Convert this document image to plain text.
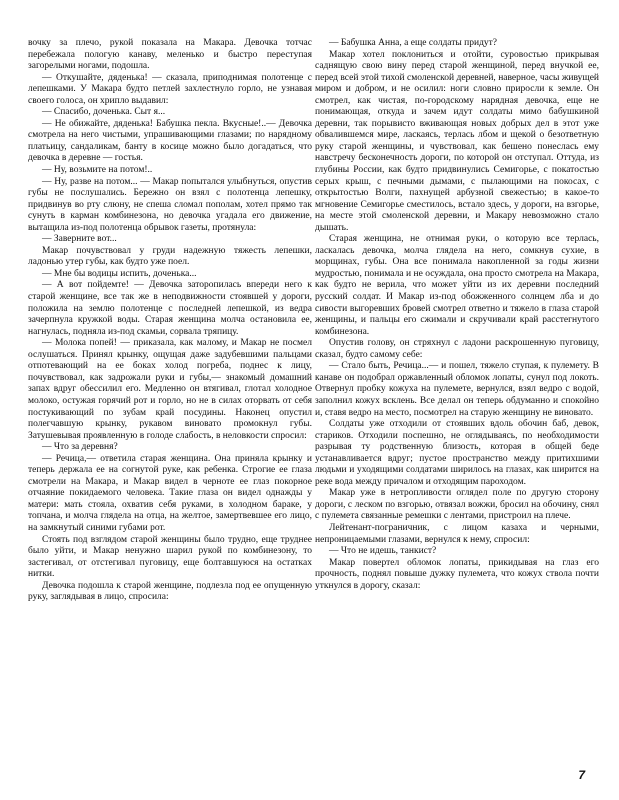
вочку за плечо, рукой показала на Макара. Девочка тотчас перебежала пологую канаву, меленько и быстро переступая загорелыми ногами, подошла.

— Откушайте, дяденька! — сказала, приподнимая полотенце с лепешками. У Макара будто петлей захлестнуло горло, не узнавая своего голоса, он хрипло выдавил:

— Спасибо, доченька. Сыт я...

— Не обижайте, дяденька! Бабушка пекла. Вкусные!..— Девочка смотрела на него чистыми, упрашивающими глазами; по нарядному платьицу, сандаликам, банту в косице можно было догадаться, что девочка в деревне — гостья.

— Ну, возьмите на потом!..

— Ну, разве на потом... — Макар попытался улыбнуться, опустив губы не послушались. Бережно он взял с полотенца лепешку, придвинув во рту слюну, не спеша сломал пополам, хотел прямо так сунуть в карман комбинезона, но девочка угадала его движение, вытащила из-под полотенца обрывок газеты, протянула:

— Заверните вот...

Макар почувствовал у груди надежную тяжесть лепешки, ладонью утер губы, как будто уже поел.

— Мне бы водицы испить, доченька...

— А вот пойдемте! — Девочка заторопилась впереди него к старой женщине, все так же в неподвижности стоявшей у дороги, положила на землю полотенце с последней лепешкой, из ведра зачерпнула кружкой воды. Старая женщина молча остановила ее, нагнулась, подняла из-под скамьи, сорвала тряпицу.

— Молока попей! — приказала, как малому, и Макар не посмел ослушаться. Принял крынку, ощущая даже задубевшими пальцами отпотевающий на ее боках холод погреба, поднес к лицу, почувствовал, как задрожали руки и губы,— знакомый домашний запах вдруг обессилил его. Медленно он втягивал, глотал холодное молоко, остужая горячий рот и горло, но не в силах оторвать от себя постукивающий по зубам край посудины. Наконец опустил полегчавшую крынку, рукавом виновато промокнул губы. Затушевывая проявленную в голоде слабость, в неловкости спросил:

— Что за деревня?

— Речица,— ответила старая женщина. Она приняла крынку и теперь держала ее на согнутой руке, как ребенка. Строгие ее глаза смотрели на Макара, и Макар видел в черноте ее глаз покорное отчаяние покидаемого человека. Такие глаза он видел однажды у матери: мать стояла, охватив себя руками, в холодном бараке, у топчана, и молча глядела на отца, на желтое, замертвевшее его лицо, на замкнутый синими губами рот.

Стоять под взглядом старой женщины было трудно, еще труднее было уйти, и Макар ненужно шарил рукой по комбинезону, то застегивал, от отстегивал пуговицу, еще болтавшуюся на остатках нитки.

Девочка подошла к старой женщине, подлезла под ее опущенную руку, заглядывая в лицо, спросила:

— Бабушка Анна, а еще солдаты придут?

Макар хотел поклониться и отойти, суровостью прикрывая саднящую свою вину перед старой женщиной, перед внучкой ее, перед всей этой тихой смоленской деревней, наверное, часы живущей миром и добром, и не осилил: ноги словно приросли к земле. Он смотрел, как чистая, по-городскому нарядная девочка, еще не понимающая, откуда и зачем идут солдаты мимо бабушкиной деревни, так порывисто вживающая новых добрых дел в этот уже обвалившемся мире, ласкаясь, терлась лбом и щекой о безответную руку старой женщины, и чувствовал, как бешено понеслась ему навстречу бесконечность дороги, по которой он отступал. Оттуда, из глубины России, как будто придвинулись Семигорье, с покатостью серых крыш, с печными дымами, с пылающими на покосах, с открытостью Волги, пахнущей арбузной свежестью; в какое-то мгновение Семигорье сместилось, встало здесь, у дороги, на взгорье, на месте этой смоленской деревни, и Макару невозможно стало дышать.

Старая женщина, не отнимая руки, о которую все терлась, ласкалась девочка, молча глядела на него, сомкнув сухие, в морщинах, губы. Она все понимала накопленной за годы жизни мудростью, понимала и не осуждала, она просто смотрела на Макара, как будто не верила, что может уйти из их деревни последний русский солдат. И Макар из-под обожженного солнцем лба и до сивости выгоревших бровей смотрел ответно и тяжело в глаза старой женщины, и пальцы его сжимали и скручивали край расстегнутого комбинезона.

Опустив голову, он стряхнул с ладони раскрошенную пуговицу, сказал, будто самому себе:

— Стало быть, Речица...— и пошел, тяжело ступая, к пулемету. В канаве он подобрал оржавленный обломок лопаты, сунул под локоть. Отвернул пробку кожуха на пулемете, вернулся, взял ведро с водой, заполнил кожух всклень. Все делал он теперь обдуманно и спокойно и, ставя ведро на место, посмотрел на старую женщину не виновато.

Солдаты уже отходили от стоявших вдоль обочин баб, девок, стариков. Отходили поспешно, не оглядываясь, по необходимости разрывая ту родственную близость, которая в общей беде устанавливается вдруг; пустое пространство между притихшими людьми и уходящими солдатами ширилось на глазах, как ширится на реке вода между причалом и отходящим пароходом.

Макар уже в нетропливости оглядел поле по другую сторону дороги, с леском по взгорью, отвязал вожжи, бросил на обочину, снял с пулемета связанные ремешки с лентами, пристроил на плече.

Лейтенант-пограничник, с лицом казаха и черными, непроницаемыми глазами, вернулся к нему, спросил:

— Что не идешь, танкист?

Макар повертел обломок лопаты, прикидывая на глаз его прочность, поднял повыше дужку пулемета, что кожух ствола почти уткнулся в дорогу, сказал:

7
